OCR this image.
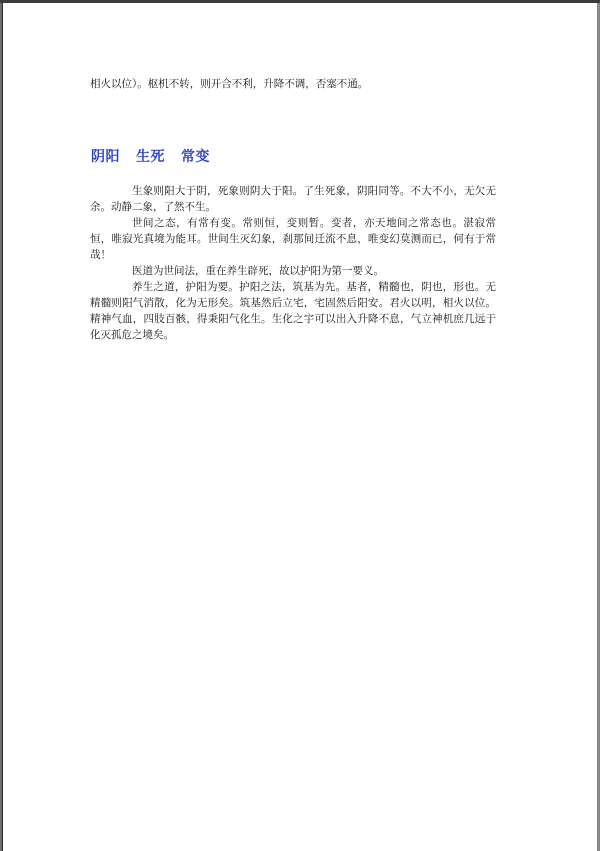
相火以位）。枢机不转，则开合不利，升降不调，否塞不通。
阴阳 生死 常变

生象则阳大于阴，死象则阴大于阳。了生死象，阴阳同等。不大不小，无欠无余。动静二象，了然不生。

世间之态，有常有变。常则恒，变则暂。变者，亦天地间之常态也。湛寂常恒，唯寂光真境为能耳。世间生灭幻象，刹那间迁流不息，唯变幻莫测而已，何有于常哉！

医道为世间法，重在养生辟死，故以护阳为第一要义。

养生之道，护阳为要。护阳之法，筑基为先。基者，精髓也，阴也，形也。无精髓则阳气消散，化为无形矣。筑基然后立宅，宅固然后阳安。君火以明，相火以位。精神气血，四肢百骸，得秉阳气化生。生化之宇可以出入升降不息，气立神机庶几远于化灭孤危之境矣。
